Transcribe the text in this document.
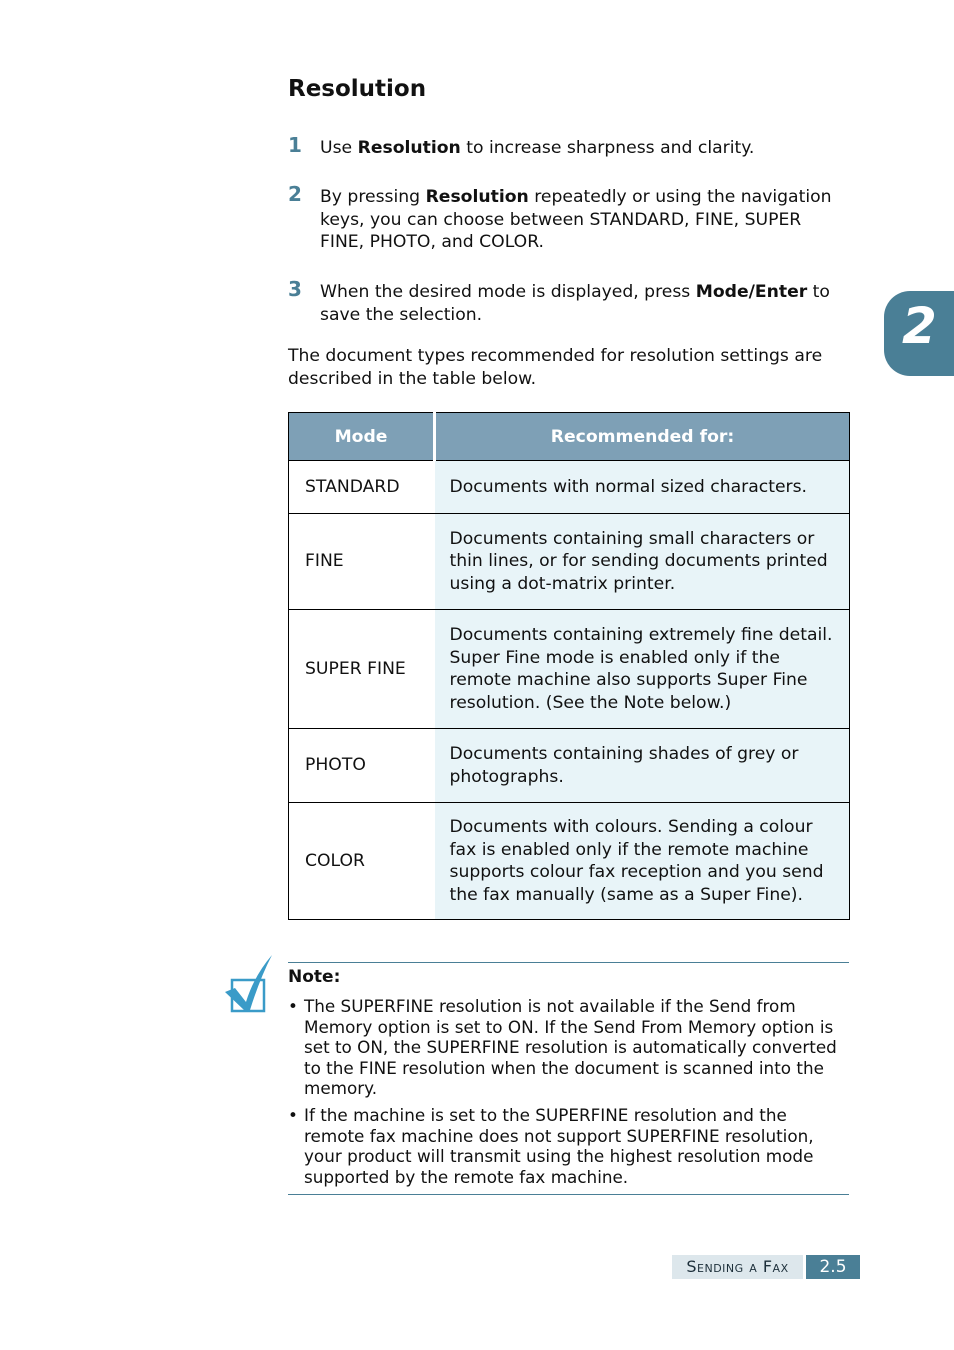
Resolution
1 Use Resolution to increase sharpness and clarity.
2 By pressing Resolution repeatedly or using the navigation keys, you can choose between STANDARD, FINE, SUPER FINE, PHOTO, and COLOR.
3 When the desired mode is displayed, press Mode/Enter to save the selection.
The document types recommended for resolution settings are described in the table below.
Mode	Recommended for:
STANDARD	Documents with normal sized characters.
FINE	Documents containing small characters or thin lines, or for sending documents printed using a dot-matrix printer.
SUPER FINE	Documents containing extremely fine detail. Super Fine mode is enabled only if the remote machine also supports Super Fine resolution. (See the Note below.)
PHOTO	Documents containing shades of grey or photographs.
COLOR	Documents with colours. Sending a colour fax is enabled only if the remote machine supports colour fax reception and you send the fax manually (same as a Super Fine).
2
Note:
• The SUPERFINE resolution is not available if the Send from Memory option is set to ON. If the Send From Memory option is set to ON, the SUPERFINE resolution is automatically converted to the FINE resolution when the document is scanned into the memory.
• If the machine is set to the SUPERFINE resolution and the remote fax machine does not support SUPERFINE resolution, your product will transmit using the highest resolution mode supported by the remote fax machine.
Sending a Fax	2.5
